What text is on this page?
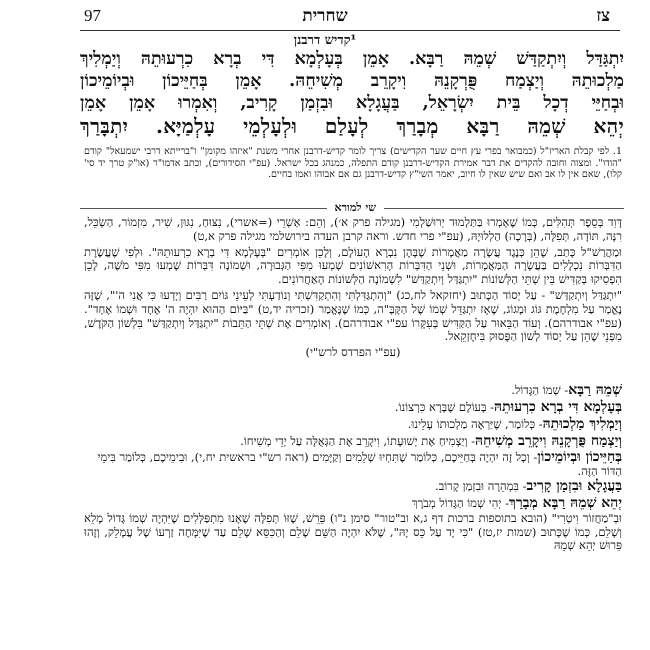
97	שחרית	צז
¹קדיש דרבנן
יִתְגַּדַּל וְיִתְקַדַּשׁ שְׁמֵהּ רַבָּא. אָמֵן בְּעָלְמָא דִּי בְרָא כִרְעוּתֵהּ וְיַמְלִיךְ
מַלְכוּתֵהּ וְיַצְמַח פֻּרְקָנֵהּ וִיקָרֵב מְשִׁיחֵהּ. אָמֵן בְּחַיֵּיכוֹן וּבְיוֹמֵיכוֹן
וּבְחַיֵּי דְכָל בֵּית יִשְׂרָאֵל, בַּעֲגָלָא וּבִזְמַן קָרִיב, וְאִמְרוּ אָמֵן אָמֵן
יְהֵא שְׁמֵהּ רַבָּא מְבָרַךְ לְעָלַם וּלְעָלְמֵי עָלְמַיָּא. יִתְבָּרַךְ
1. לפי קבלת האריז"ל (כמבואר בפרי עץ חיים שער הקדישים) צריך לומר קדיש-דרבנן אחרי משנת "איזהו מקומן" ו"ברייתא דרבי ישמעאל" קודם "הודו". ומצוה וחובה להקדים את דבר אמירת הקדיש-דרבנן קודם התפלה, כמנהג בכל ישראל. (עפ"י הסידורים), וכתב אדמו"ר (או"ק טרך יד סי' קלו), שאם אין לו אב ואם שיש שאין לו חיוב, יאמר השי"ץ קדיש-דרבנן גם אם אבוהו ואמו בחיים.
שי למורא

דָּוִד בְּסֵפֶר תְּהִלִּים, כְּמוֹ שֶׁאָמְרוּ בַּתַּלְמוּד יְרוּשַׁלְמִי (מגילה פרק א׳), וְהֵם: אַשְׁרֵי (=אשרי), נִצּוּחַ, נִגּוּן, שִׁיר, מִזְמוֹר, הַשְׂכֵּל, רִנָּה, תּוֹדָה, תְּפִלָּה, (בְּרָכָה) הַלְלוּיָהּ, (עפ"י פרי חדש. וראה קרבן העדה בירושלמי מגילה פרק א,ט)

וּמַהֲרַשׁ"ל כָּתַב, שֶׁהֵן כְּנֶגֶד עֲשָׂרָה מַאֲמָרוֹת שֶׁבָּהֶן נִבְרָא הָעוֹלָם, וְלָכֵן אוֹמְרִים "בְּעָלְמָא דִּי בְרָא כִרְעוּתֵהּ". וּלְפִי שֶׁעֲשֶׂרֶת הַדִּבְּרוֹת נִכְלָלִים בַּעֲשָׂרָה הַמַּאֲמָרוֹת, וּשְׁנֵי הַדִּבְּרוֹת הָרִאשׁוֹנִים שָׁמְעוּ מִפִּי הַגְּבוּרָה, וּשְׁמוֹנָה דִּבְּרוֹת שָׁמְעוּ מִפִּי מֹשֶׁה, לָכֵן הִפְסִיקוּ בְּקַדִּישׁ בֵּין שְׁתֵּי הַלְּשׁוֹנוֹת "יִתְגַּדַּל וְיִתְקַדַּשׁ" לִשְׁמוֹנָה הַלְּשׁוֹנוֹת הָאַחֲרוֹנִים.

"יִתְגַּדַּל וְיִתְקַדַּשׁ" - עַל יְסוֹד הַכָּתוּב (יחזקאל לח,כג) "וְהִתְגַּדִּלְתִּי וְהִתְקַדִּשְׁתִּי וְנוֹדַעְתִּי לְעֵינֵי גּוֹיִם רַבִּים וְיָדְעוּ כִּי אֲנִי ה'", שֶׁזֶּה נֶאֱמַר עַל מִלְחֶמֶת גּוֹג וּמָגוֹג, שֶׁאָז יִתְגַּדֵּל שְׁמוֹ שֶׁל הַקָּבָּ"ה, כְּמוֹ שֶׁנֶּאֱמַר (זכריה יד,ט) "בַּיּוֹם הַהוּא יִהְיֶה ה' אֶחָד וּשְׁמוֹ אֶחָד". (עפ"י אבודרהם). וְעוֹד הַבֵּאוּר עַל הַקַּדִּישׁ בְּעִקָּרוֹ עפ"י אבודרהם). וְאוֹמְרִים אֶת שְׁתֵּי הַתֵּבוֹת "יִתְגַּדַּל וְיִתְקַדַּשׁ" בִּלְשׁוֹן הַקֹּדֶשׁ, מִפְּנֵי שֶׁהֵן עַל יְסוֹד לְשׁוֹן הַפָּסוּק בִּיחֶזְקֵאל.

(עפ"י הפרדס לרש"י)

שְׁמֵהּ רַבָּא- שְׁמוֹ הַגָּדוֹל.
בְּעָלְמָא דִּי בְרָא כִרְעוּתֵהּ- בָּעוֹלָם שֶׁבָּרָא כִּרְצוֹנוֹ.
וְיַמְלִיךְ מַלְכוּתֵהּ- כְּלוֹמַר, שֶׁיַּרְאֶה מַלְכוּתוֹ עָלֵינוּ.
וְיַצְמַח פֻּרְקָנֵהּ וִיקָרֵב מְשִׁיחֵהּ- וְיַצְמִיחַ אֶת יְשׁוּעָתוֹ, וִיקָרֵב אֶת הַגְּאֻלָּה עַל יְדֵי מְשִׁיחוֹ.
בְּחַיֵּיכוֹן וּבְיוֹמֵיכוֹן- וְכָל זֶה יִהְיֶה בְּחַיֵּיכֶם, כְּלוֹמַר שֶׁתִּחְיוּ שְׁלֵמִים וְקַיָּמִים (ראה רש"י בראשית יח,י), וּבִימֵיכֶם, כְּלוֹמַר בִּימֵי הַדּוֹר הַזֶּה.
בַּעֲגָלָא וּבִזְמַן קָרִיב- בִּמְהֵרָה וּבִזְמַן קָרוֹב.
יְהֵא שְׁמֵהּ רַבָּא מְבָרַךְ- יְהִי שְׁמוֹ הַגָּדוֹל מְבֹרָךְ
וּבְ"מַחֲזוֹר וִיטְרִי" (הובא בתוספות ברכות דף ג,א וב"טור" סימן נ"ו) פֵּרֵשׁ, שֶׁזּוֹ תְּפִלָּה שֶׁאָנוּ מִתְפַּלְּלִים שֶׁיִּהְיֶה שְׁמוֹ גָּדוֹל מָלֵא וְשָׁלֵם, כְּמוֹ שֶׁכָּתוּב (שמות יז,טז) "כִּי יָד עַל כֵּס יָהּ", שֶׁלֹּא יִהְיֶה הַשֵּׁם שָׁלֵם וְהַכִּסֵּא שָׁלֵם עַד שֶׁיִּמָּחֶה זַרְעוֹ שֶׁל עֲמָלֵק, וְזֶהוּ פֵּרוּשׁ יְהֵא שְׁמֵהּ
